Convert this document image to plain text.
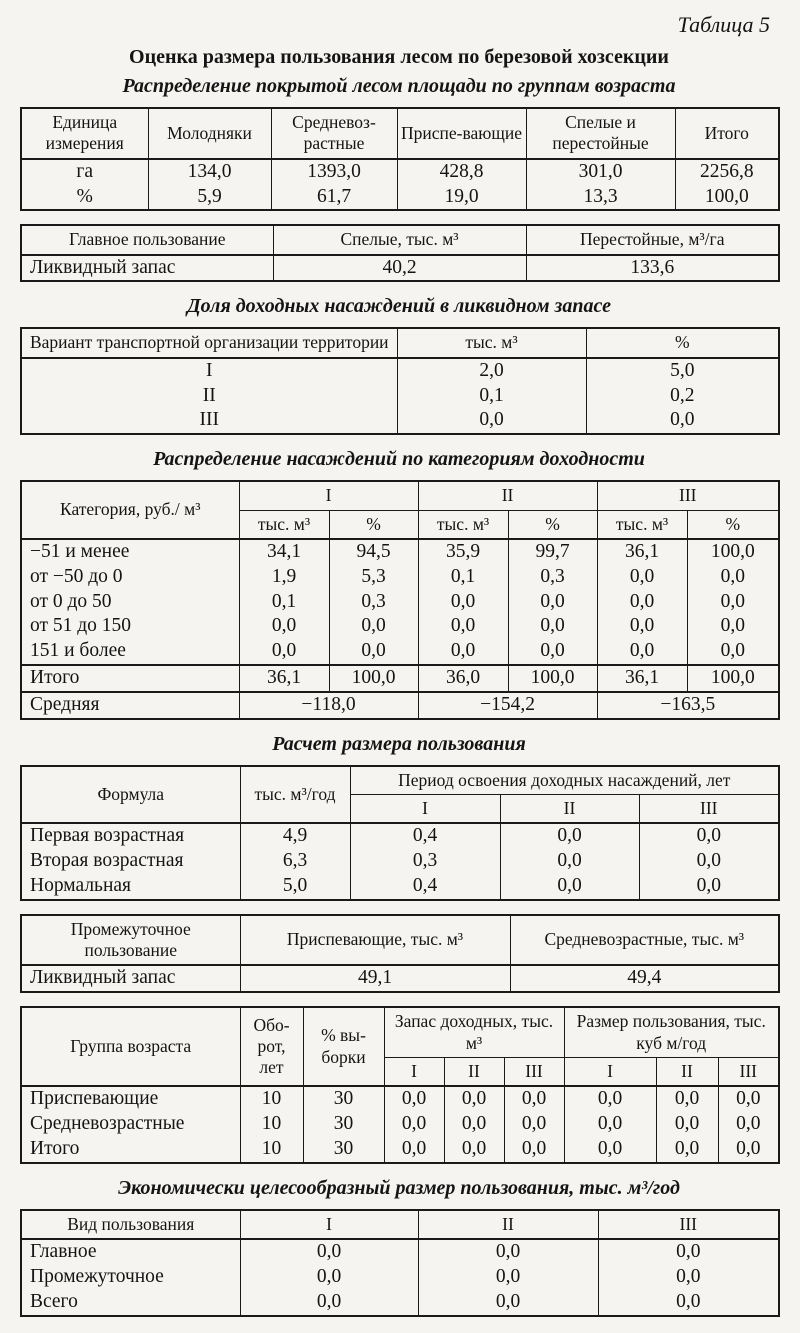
Таблица 5
Оценка размера пользования лесом по березовой хозсекции
Распределение покрытой лесом площади по группам возраста
Единица измерения	Молодняки	Средневоз-растные	Приспе-вающие	Спелые и перестойные	Итого
га	134,0	1393,0	428,8	301,0	2256,8
%	5,9	61,7	19,0	13,3	100,0
Главное пользование	Спелые, тыс. м³	Перестойные, м³/га
Ликвидный запас	40,2	133,6
Доля доходных насаждений в ликвидном запасе
Вариант транспортной организации территории	тыс. м³	%
I	2,0	5,0
II	0,1	0,2
III	0,0	0,0
Распределение насаждений по категориям доходности
Категория, руб./ м³	I		II		III	
	тыс. м³	%	тыс. м³	%	тыс. м³	%
−51 и менее	34,1	94,5	35,9	99,7	36,1	100,0
от −50 до 0	1,9	5,3	0,1	0,3	0,0	0,0
от 0 до 50	0,1	0,3	0,0	0,0	0,0	0,0
от 51 до 150	0,0	0,0	0,0	0,0	0,0	0,0
151 и более	0,0	0,0	0,0	0,0	0,0	0,0
Итого	36,1	100,0	36,0	100,0	36,1	100,0
Средняя	−118,0		−154,2		−163,5	
Расчет размера пользования
Формула	тыс. м³/год	Период освоения доходных насаждений, лет		
		I	II	III
Первая возрастная	4,9	0,4	0,0	0,0
Вторая возрастная	6,3	0,3	0,0	0,0
Нормальная	5,0	0,4	0,0	0,0
Промежуточное пользование	Приспевающие, тыс. м³	Средневозрастные, тыс. м³
Ликвидный запас	49,1	49,4
Группа возраста	Обо-рот, лет	% вы-борки	Запас доходных, тыс. м³			Размер пользования, тыс. куб м/год		
			I	II	III	I	II	III
Приспевающие	10	30	0,0	0,0	0,0	0,0	0,0	0,0
Средневозрастные	10	30	0,0	0,0	0,0	0,0	0,0	0,0
Итого	10	30	0,0	0,0	0,0	0,0	0,0	0,0
Экономически целесообразный размер пользования, тыс. м³/год
Вид пользования	I	II	III
Главное	0,0	0,0	0,0
Промежуточное	0,0	0,0	0,0
Всего	0,0	0,0	0,0
